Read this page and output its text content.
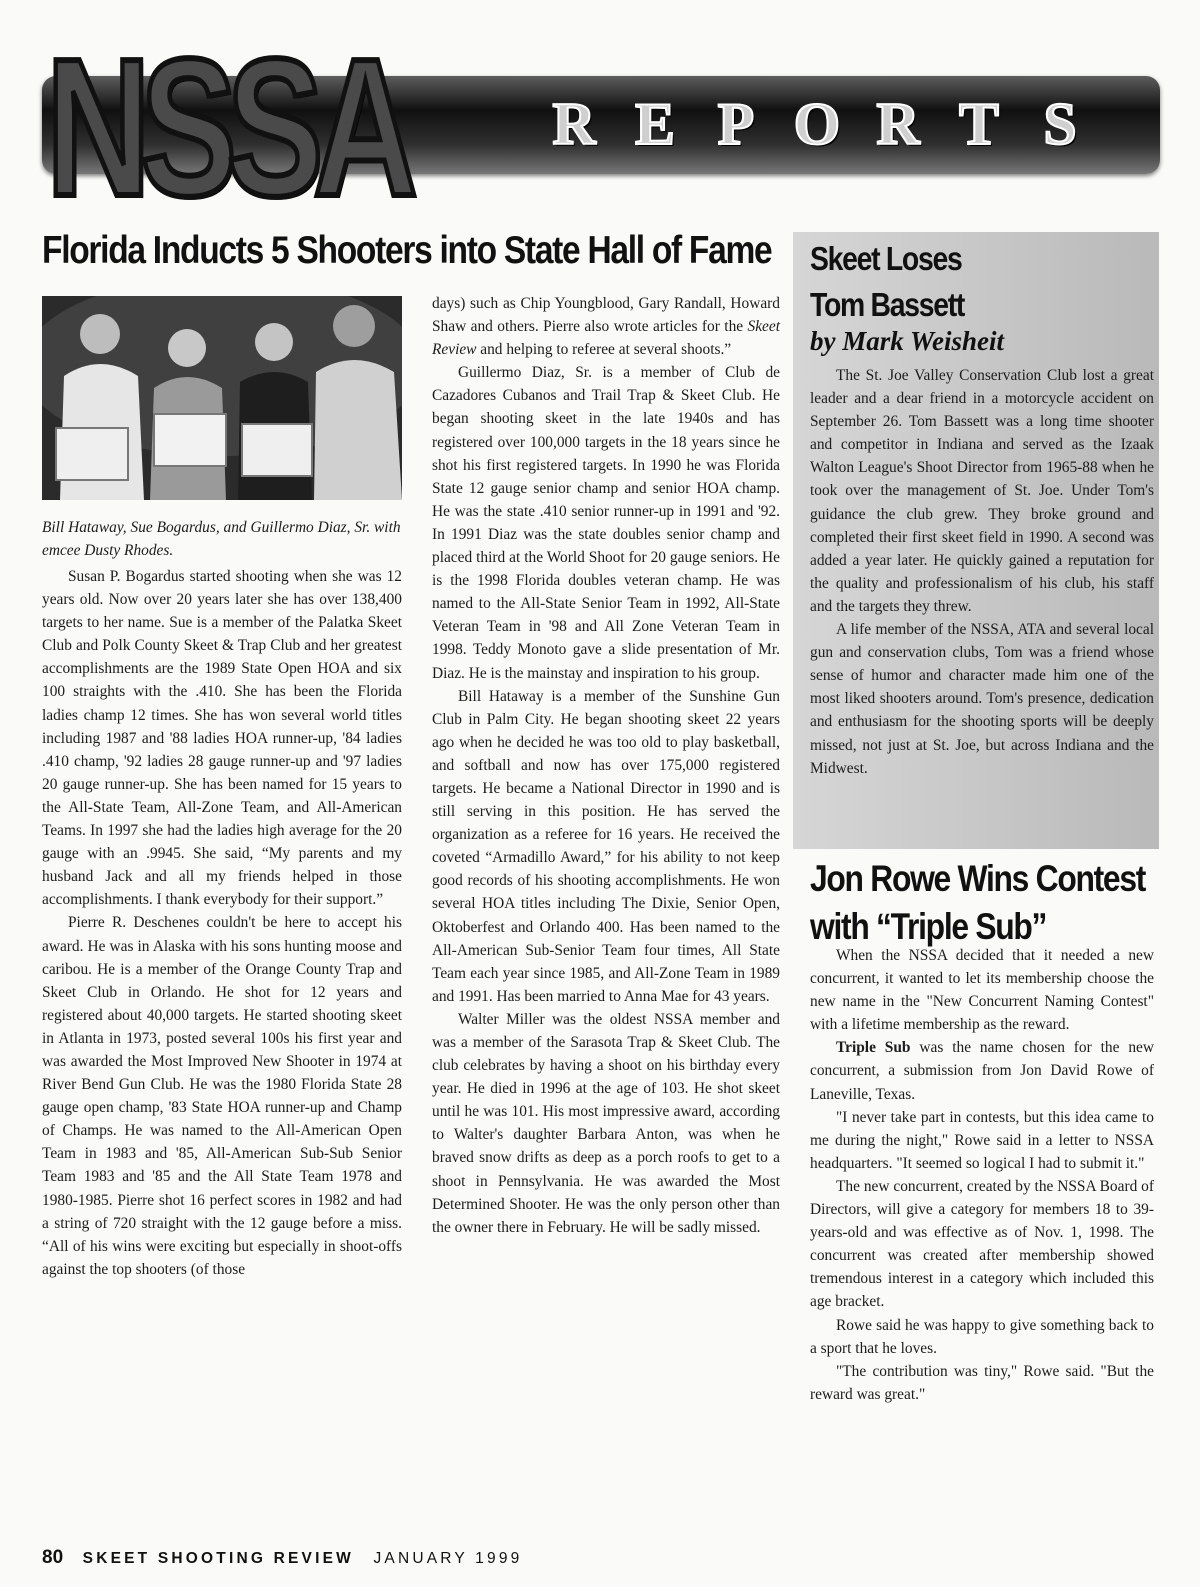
R E P O R T S
NSSA
Florida Inducts 5 Shooters into State Hall of Fame
Bill Hataway, Sue Bogardus, and Guillermo Diaz, Sr. with emcee Dusty Rhodes.

Susan P. Bogardus started shooting when she was 12 years old. Now over 20 years later she has over 138,400 targets to her name. Sue is a member of the Palatka Skeet Club and Polk County Skeet & Trap Club and her greatest accomplishments are the 1989 State Open HOA and six 100 straights with the .410. She has been the Florida ladies champ 12 times. She has won several world titles including 1987 and '88 ladies HOA runner-up, '84 ladies .410 champ, '92 ladies 28 gauge runner-up and '97 ladies 20 gauge runner-up. She has been named for 15 years to the All-State Team, All-Zone Team, and All-American Teams. In 1997 she had the ladies high average for the 20 gauge with an .9945. She said, “My parents and my husband Jack and all my friends helped in those accomplishments. I thank everybody for their support.”

Pierre R. Deschenes couldn't be here to accept his award. He was in Alaska with his sons hunting moose and caribou. He is a member of the Orange County Trap and Skeet Club in Orlando. He shot for 12 years and registered about 40,000 targets. He started shooting skeet in Atlanta in 1973, posted several 100s his first year and was awarded the Most Improved New Shooter in 1974 at River Bend Gun Club. He was the 1980 Florida State 28 gauge open champ, '83 State HOA runner-up and Champ of Champs. He was named to the All-American Open Team in 1983 and '85, All-American Sub-Sub Senior Team 1983 and '85 and the All State Team 1978 and 1980-1985. Pierre shot 16 perfect scores in 1982 and had a string of 720 straight with the 12 gauge before a miss. “All of his wins were exciting but especially in shoot-offs against the top shooters (of those

days) such as Chip Youngblood, Gary Randall, Howard Shaw and others. Pierre also wrote articles for the Skeet Review and helping to referee at several shoots.”

Guillermo Diaz, Sr. is a member of Club de Cazadores Cubanos and Trail Trap & Skeet Club. He began shooting skeet in the late 1940s and has registered over 100,000 targets in the 18 years since he shot his first registered targets. In 1990 he was Florida State 12 gauge senior champ and senior HOA champ. He was the state .410 senior runner-up in 1991 and '92. In 1991 Diaz was the state doubles senior champ and placed third at the World Shoot for 20 gauge seniors. He is the 1998 Florida doubles veteran champ. He was named to the All-State Senior Team in 1992, All-State Veteran Team in '98 and All Zone Veteran Team in 1998. Teddy Monoto gave a slide presentation of Mr. Diaz. He is the mainstay and inspiration to his group.

Bill Hataway is a member of the Sunshine Gun Club in Palm City. He began shooting skeet 22 years ago when he decided he was too old to play basketball, and softball and now has over 175,000 registered targets. He became a National Director in 1990 and is still serving in this position. He has served the organization as a referee for 16 years. He received the coveted “Armadillo Award,” for his ability to not keep good records of his shooting accomplishments. He won several HOA titles including The Dixie, Senior Open, Oktoberfest and Orlando 400. Has been named to the All-American Sub-Senior Team four times, All State Team each year since 1985, and All-Zone Team in 1989 and 1991. Has been married to Anna Mae for 43 years.

Walter Miller was the oldest NSSA member and was a member of the Sarasota Trap & Skeet Club. The club celebrates by having a shoot on his birthday every year. He died in 1996 at the age of 103. He shot skeet until he was 101. His most impressive award, according to Walter's daughter Barbara Anton, was when he braved snow drifts as deep as a porch roofs to get to a shoot in Pennsylvania. He was awarded the Most Determined Shooter. He was the only person other than the owner there in February. He will be sadly missed.

Skeet Loses
Tom Bassett
by Mark Weisheit

The St. Joe Valley Conservation Club lost a great leader and a dear friend in a motorcycle accident on September 26. Tom Bassett was a long time shooter and competitor in Indiana and served as the Izaak Walton League's Shoot Director from 1965-88 when he took over the management of St. Joe. Under Tom's guidance the club grew. They broke ground and completed their first skeet field in 1990. A second was added a year later. He quickly gained a reputation for the quality and professionalism of his club, his staff and the targets they threw.

A life member of the NSSA, ATA and several local gun and conservation clubs, Tom was a friend whose sense of humor and character made him one of the most liked shooters around. Tom's presence, dedication and enthusiasm for the shooting sports will be deeply missed, not just at St. Joe, but across Indiana and the Midwest.

Jon Rowe Wins Contest
with “Triple Sub”

When the NSSA decided that it needed a new concurrent, it wanted to let its membership choose the new name in the "New Concurrent Naming Contest" with a lifetime membership as the reward.

Triple Sub was the name chosen for the new concurrent, a submission from Jon David Rowe of Laneville, Texas.

"I never take part in contests, but this idea came to me during the night," Rowe said in a letter to NSSA headquarters. "It seemed so logical I had to submit it."

The new concurrent, created by the NSSA Board of Directors, will give a category for members 18 to 39-years-old and was effective as of Nov. 1, 1998. The concurrent was created after membership showed tremendous interest in a category which included this age bracket.

Rowe said he was happy to give something back to a sport that he loves.

"The contribution was tiny," Rowe said. "But the reward was great."

80 SKEET SHOOTING REVIEW JANUARY 1999
